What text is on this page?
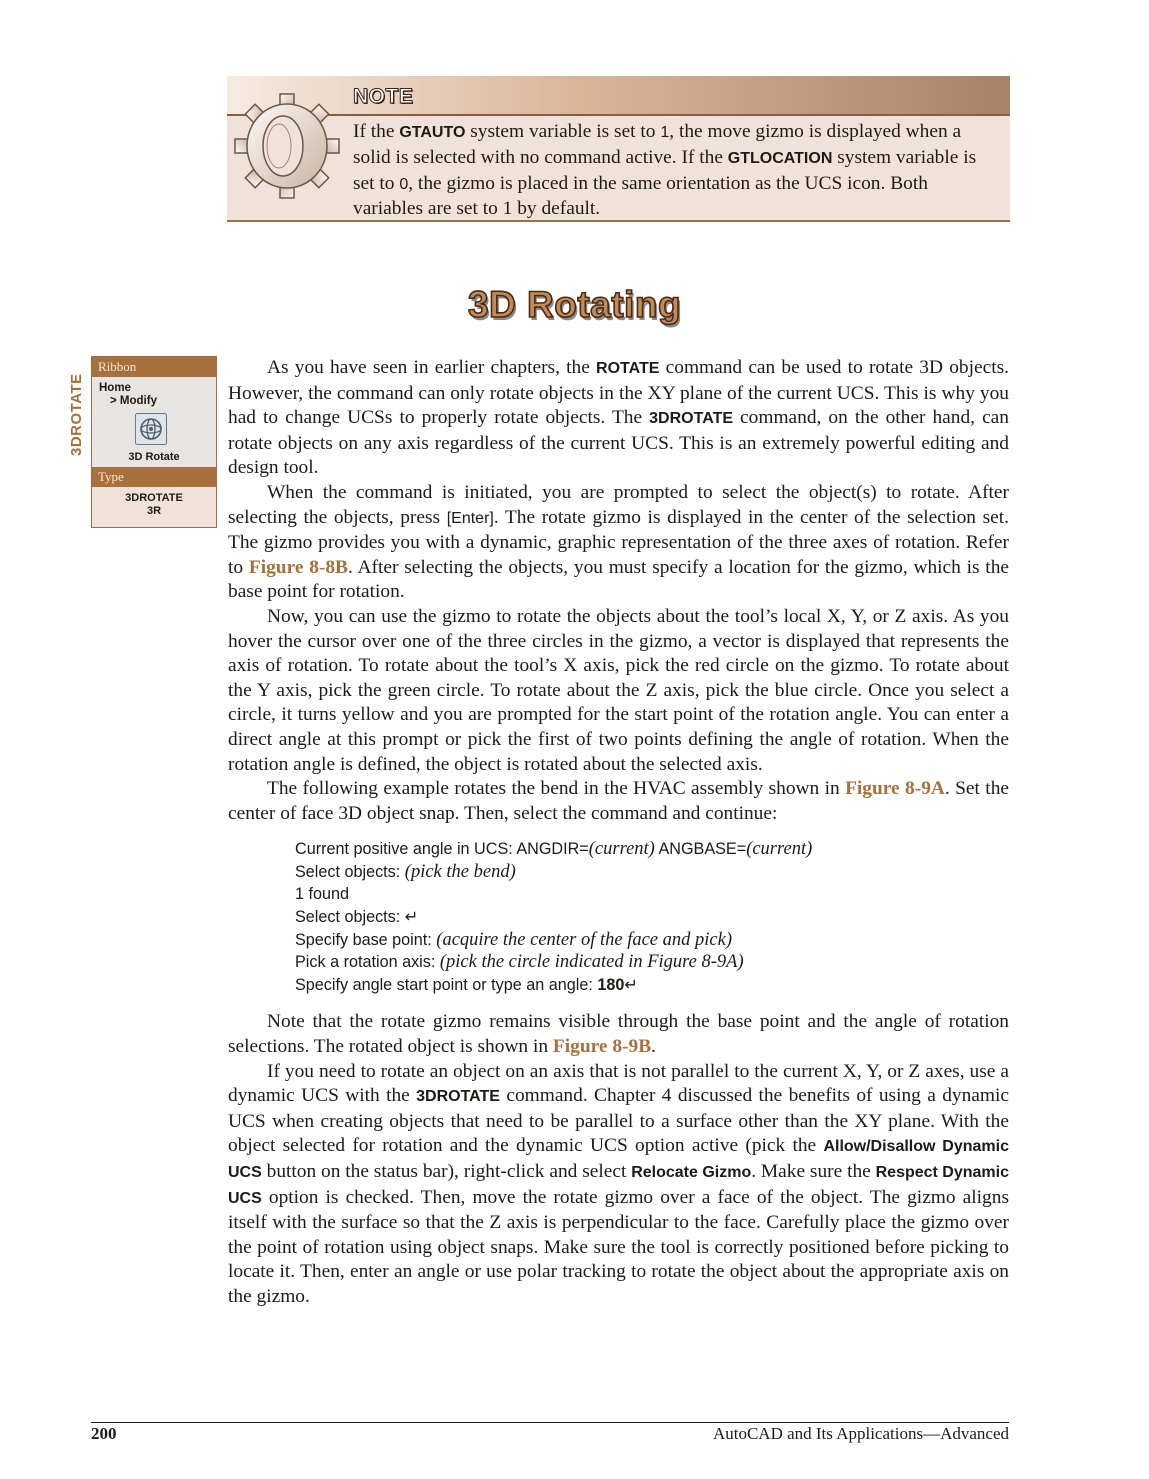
NOTE
If the GTAUTO system variable is set to 1, the move gizmo is displayed when a solid is selected with no command active. If the GTLOCATION system variable is set to 0, the gizmo is placed in the same orientation as the UCS icon. Both variables are set to 1 by default.
3D Rotating
3DROTATE
Ribbon
Home
> Modify
3D Rotate
Type
3DROTATE
3R

As you have seen in earlier chapters, the ROTATE command can be used to rotate 3D objects. However, the command can only rotate objects in the XY plane of the current UCS. This is why you had to change UCSs to properly rotate objects. The 3DROTATE command, on the other hand, can rotate objects on any axis regardless of the current UCS. This is an extremely powerful editing and design tool.

When the command is initiated, you are prompted to select the object(s) to rotate. After selecting the objects, press [Enter]. The rotate gizmo is displayed in the center of the selection set. The gizmo provides you with a dynamic, graphic representation of the three axes of rotation. Refer to Figure 8-8B. After selecting the objects, you must specify a location for the gizmo, which is the base point for rotation.

Now, you can use the gizmo to rotate the objects about the tool’s local X, Y, or Z axis. As you hover the cursor over one of the three circles in the gizmo, a vector is displayed that represents the axis of rotation. To rotate about the tool’s X axis, pick the red circle on the gizmo. To rotate about the Y axis, pick the green circle. To rotate about the Z axis, pick the blue circle. Once you select a circle, it turns yellow and you are prompted for the start point of the rotation angle. You can enter a direct angle at this prompt or pick the first of two points defining the angle of rotation. When the rotation angle is defined, the object is rotated about the selected axis.

The following example rotates the bend in the HVAC assembly shown in Figure 8-9A. Set the center of face 3D object snap. Then, select the command and continue:

Current positive angle in UCS: ANGDIR=(current) ANGBASE=(current)
Select objects: (pick the bend)
1 found
Select objects: ↵
Specify base point: (acquire the center of the face and pick)
Pick a rotation axis: (pick the circle indicated in Figure 8-9A)
Specify angle start point or type an angle: 180↵

Note that the rotate gizmo remains visible through the base point and the angle of rotation selections. The rotated object is shown in Figure 8-9B.

If you need to rotate an object on an axis that is not parallel to the current X, Y, or Z axes, use a dynamic UCS with the 3DROTATE command. Chapter 4 discussed the benefits of using a dynamic UCS when creating objects that need to be parallel to a surface other than the XY plane. With the object selected for rotation and the dynamic UCS option active (pick the Allow/Disallow Dynamic UCS button on the status bar), right-click and select Relocate Gizmo. Make sure the Respect Dynamic UCS option is checked. Then, move the rotate gizmo over a face of the object. The gizmo aligns itself with the surface so that the Z axis is perpendicular to the face. Carefully place the gizmo over the point of rotation using object snaps. Make sure the tool is correctly positioned before picking to locate it. Then, enter an angle or use polar tracking to rotate the object about the appropriate axis on the gizmo.

200	AutoCAD and Its Applications—Advanced
